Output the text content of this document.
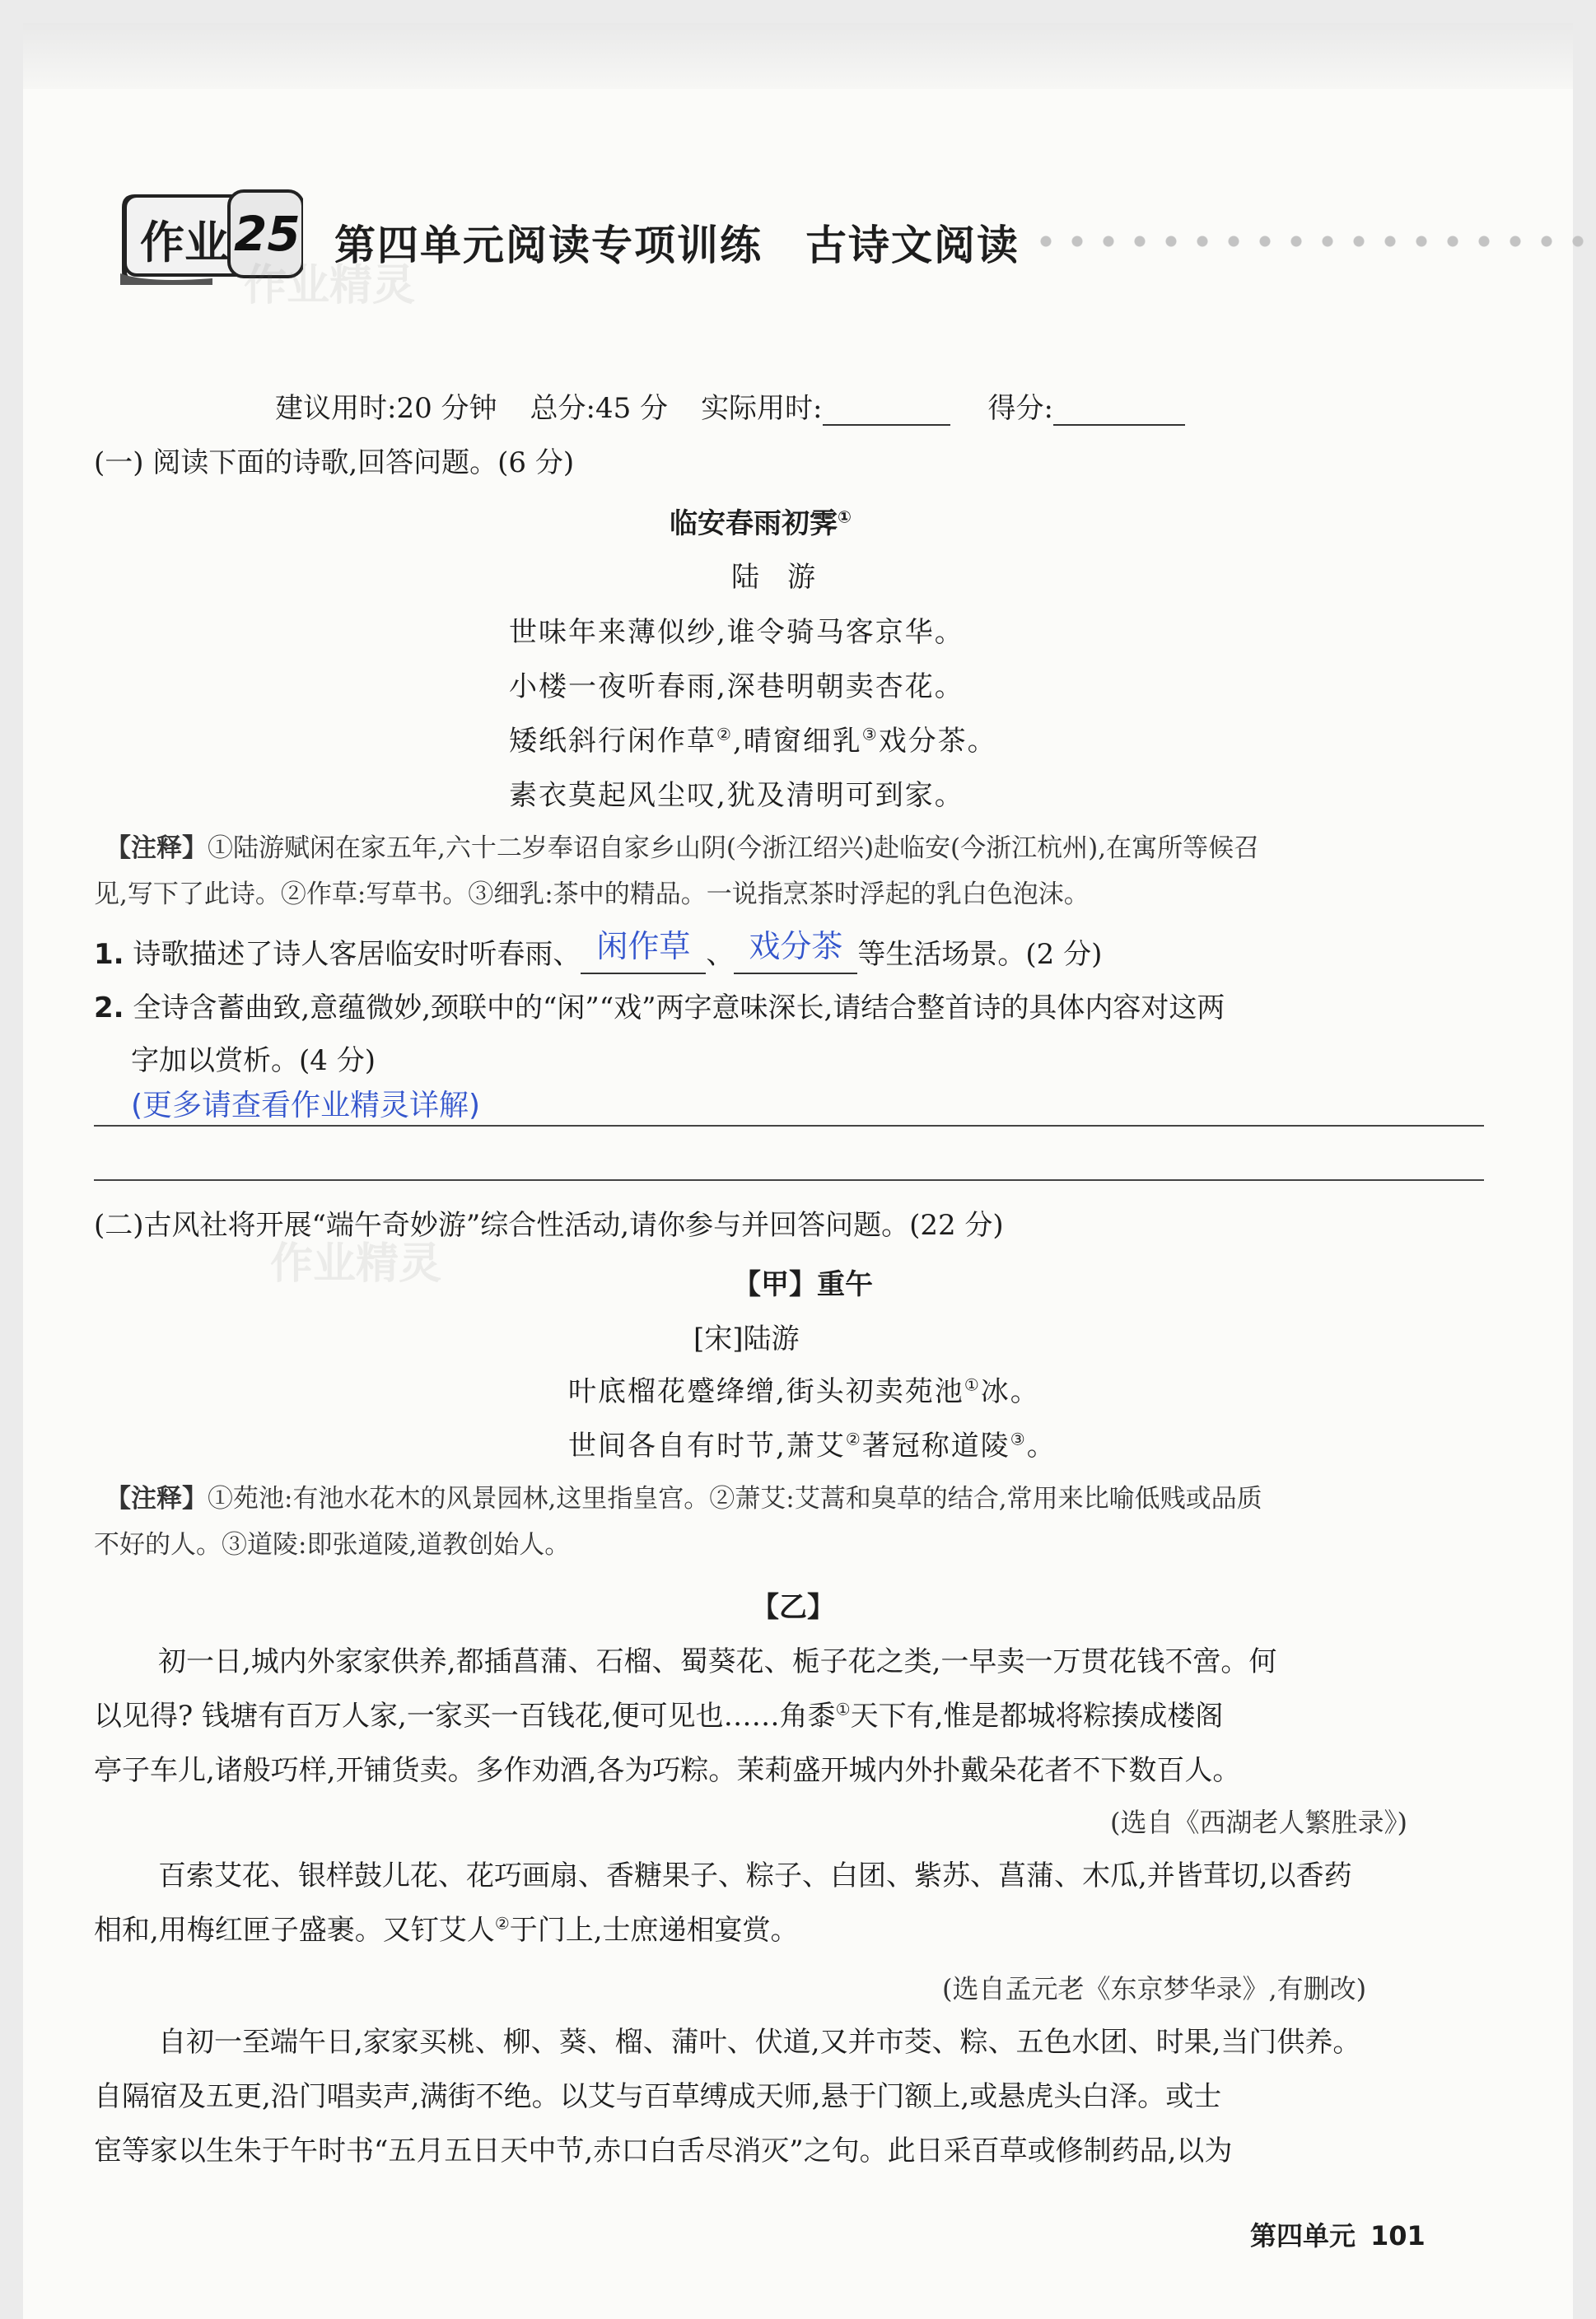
作业 25
作业精灵
第四单元阅读专项训练　古诗文阅读
建议用时:20 分钟 总分:45 分 实际用时:	得分:
(一) 阅读下面的诗歌,回答问题。(6 分)
临安春雨初霁①
陆　游
世味年来薄似纱,谁令骑马客京华。
小楼一夜听春雨,深巷明朝卖杏花。
矮纸斜行闲作草②,晴窗细乳③戏分茶。
素衣莫起风尘叹,犹及清明可到家。
【注释】①陆游赋闲在家五年,六十二岁奉诏自家乡山阴(今浙江绍兴)赴临安(今浙江杭州),在寓所等候召
见,写下了此诗。②作草:写草书。③细乳:茶中的精品。一说指烹茶时浮起的乳白色泡沫。
1. 诗歌描述了诗人客居临安时听春雨、 闲作草 、 戏分茶 等生活场景。(2 分)
2. 全诗含蓄曲致,意蕴微妙,颈联中的“闲”“戏”两字意味深长,请结合整首诗的具体内容对这两
字加以赏析。(4 分)
(更多请查看作业精灵详解)
(二)古风社将开展“端午奇妙游”综合性活动,请你参与并回答问题。(22 分)
作业精灵	【甲】重午
[宋]陆游
叶底榴花蹙绛缯,街头初卖苑池①冰。
世间各自有时节,萧艾②著冠称道陵③。
【注释】①苑池:有池水花木的风景园林,这里指皇宫。②萧艾:艾蒿和臭草的结合,常用来比喻低贱或品质
不好的人。③道陵:即张道陵,道教创始人。
【乙】
初一日,城内外家家供养,都插菖蒲、石榴、蜀葵花、栀子花之类,一早卖一万贯花钱不啻。何
以见得? 钱塘有百万人家,一家买一百钱花,便可见也……角黍①天下有,惟是都城将粽揍成楼阁
亭子车儿,诸般巧样,开铺货卖。多作劝酒,各为巧粽。茉莉盛开城内外扑戴朵花者不下数百人。
(选自《西湖老人繁胜录》)
百索艾花、银样鼓儿花、花巧画扇、香糖果子、粽子、白团、紫苏、菖蒲、木瓜,并皆茸切,以香药
相和,用梅红匣子盛裹。又钉艾人②于门上,士庶递相宴赏。
(选自孟元老《东京梦华录》,有删改)
自初一至端午日,家家买桃、柳、葵、榴、蒲叶、伏道,又并市茭、粽、五色水团、时果,当门供养。
自隔宿及五更,沿门唱卖声,满街不绝。以艾与百草缚成天师,悬于门额上,或悬虎头白泽。或士
宦等家以生朱于午时书“五月五日天中节,赤口白舌尽消灭”之句。此日采百草或修制药品,以为
第四单元 101
